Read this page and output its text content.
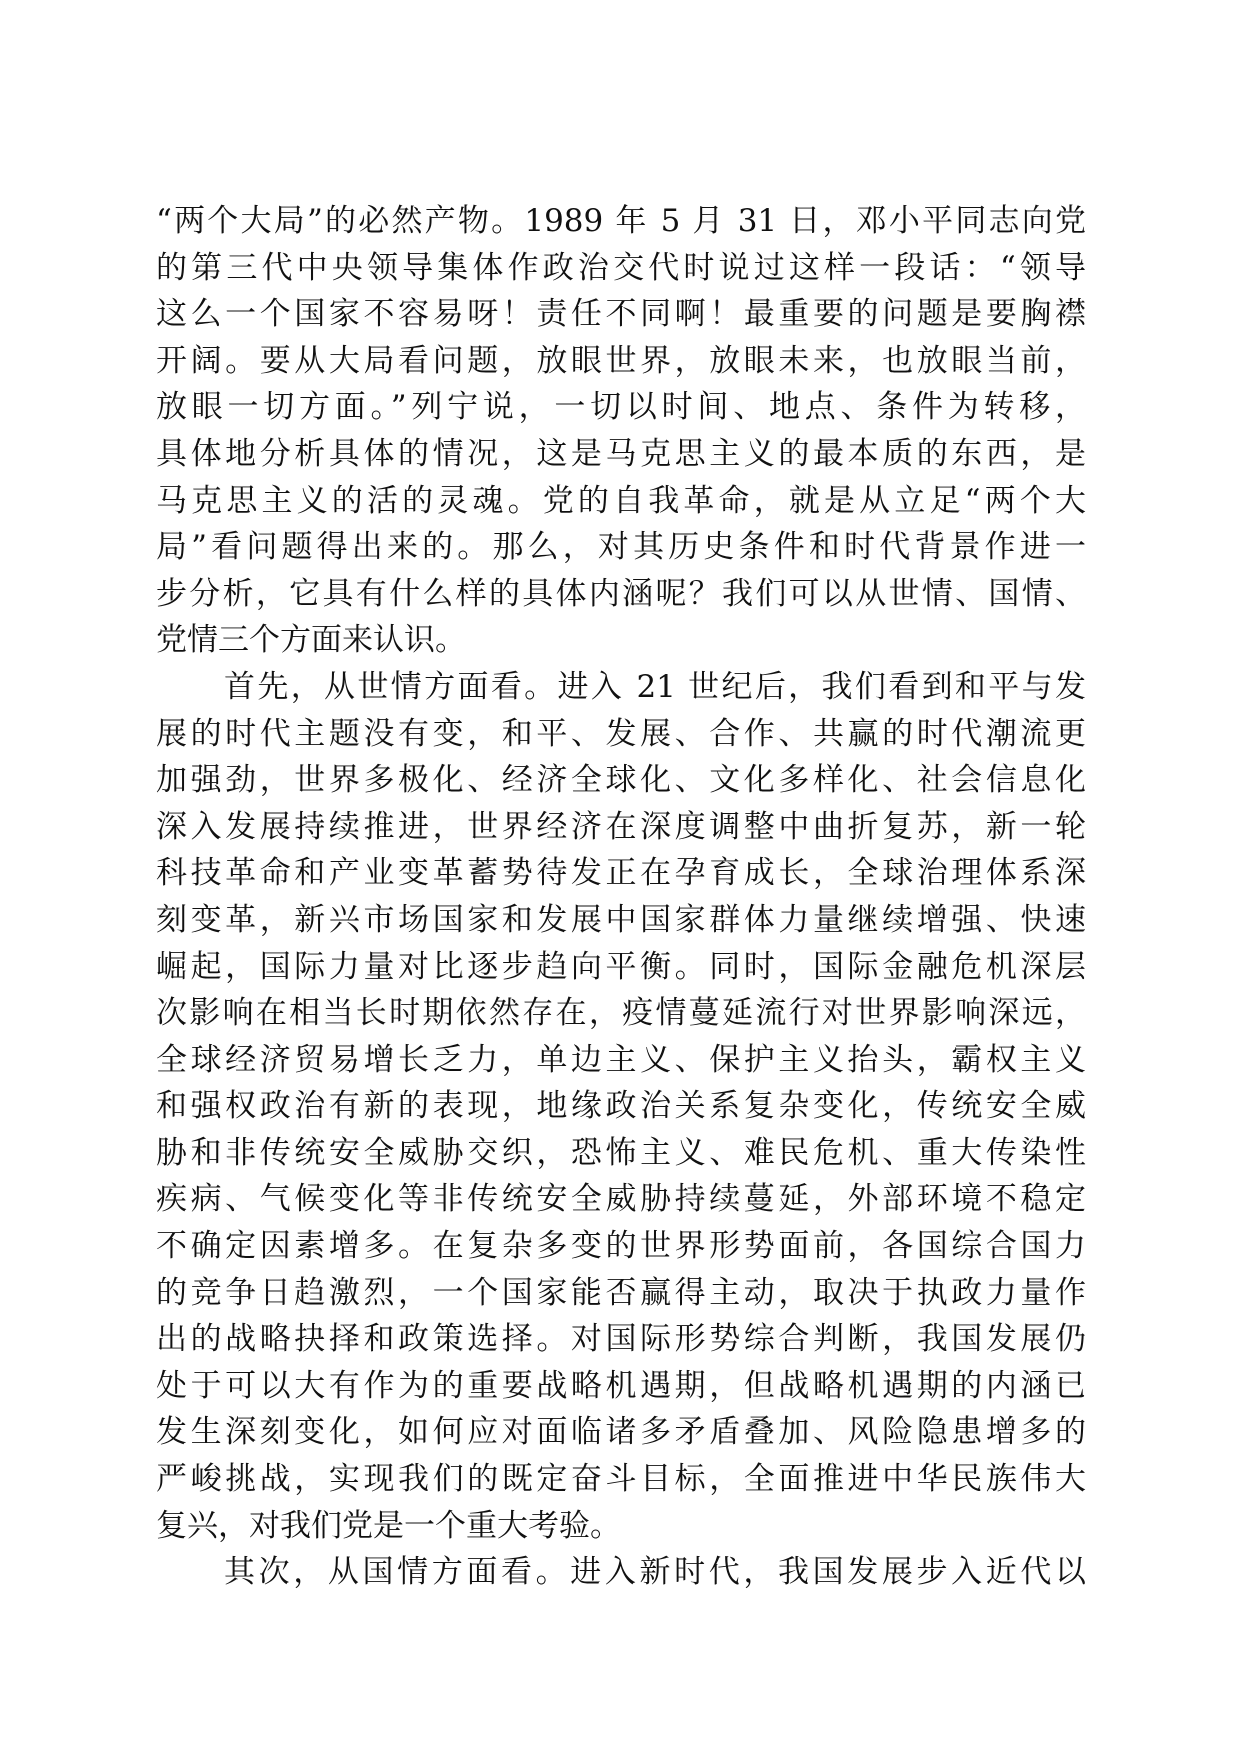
“两个大局”的必然产物。1989 年 5 月 31 日，邓小平同志向党
的第三代中央领导集体作政治交代时说过这样一段话：“领导
这么一个国家不容易呀！责任不同啊！最重要的问题是要胸襟
开阔。要从大局看问题，放眼世界，放眼未来，也放眼当前，
放眼一切方面。”列宁说，一切以时间、地点、条件为转移，
具体地分析具体的情况，这是马克思主义的最本质的东西，是
马克思主义的活的灵魂。党的自我革命，就是从立足“两个大
局”看问题得出来的。那么，对其历史条件和时代背景作进一
步分析，它具有什么样的具体内涵呢？我们可以从世情、国情、
党情三个方面来认识。
首先，从世情方面看。进入 21 世纪后，我们看到和平与发
展的时代主题没有变，和平、发展、合作、共赢的时代潮流更
加强劲，世界多极化、经济全球化、文化多样化、社会信息化
深入发展持续推进，世界经济在深度调整中曲折复苏，新一轮
科技革命和产业变革蓄势待发正在孕育成长，全球治理体系深
刻变革，新兴市场国家和发展中国家群体力量继续增强、快速
崛起，国际力量对比逐步趋向平衡。同时，国际金融危机深层
次影响在相当长时期依然存在，疫情蔓延流行对世界影响深远，
全球经济贸易增长乏力，单边主义、保护主义抬头，霸权主义
和强权政治有新的表现，地缘政治关系复杂变化，传统安全威
胁和非传统安全威胁交织，恐怖主义、难民危机、重大传染性
疾病、气候变化等非传统安全威胁持续蔓延，外部环境不稳定
不确定因素增多。在复杂多变的世界形势面前，各国综合国力
的竞争日趋激烈，一个国家能否赢得主动，取决于执政力量作
出的战略抉择和政策选择。对国际形势综合判断，我国发展仍
处于可以大有作为的重要战略机遇期，但战略机遇期的内涵已
发生深刻变化，如何应对面临诸多矛盾叠加、风险隐患增多的
严峻挑战，实现我们的既定奋斗目标，全面推进中华民族伟大
复兴，对我们党是一个重大考验。
其次，从国情方面看。进入新时代，我国发展步入近代以
